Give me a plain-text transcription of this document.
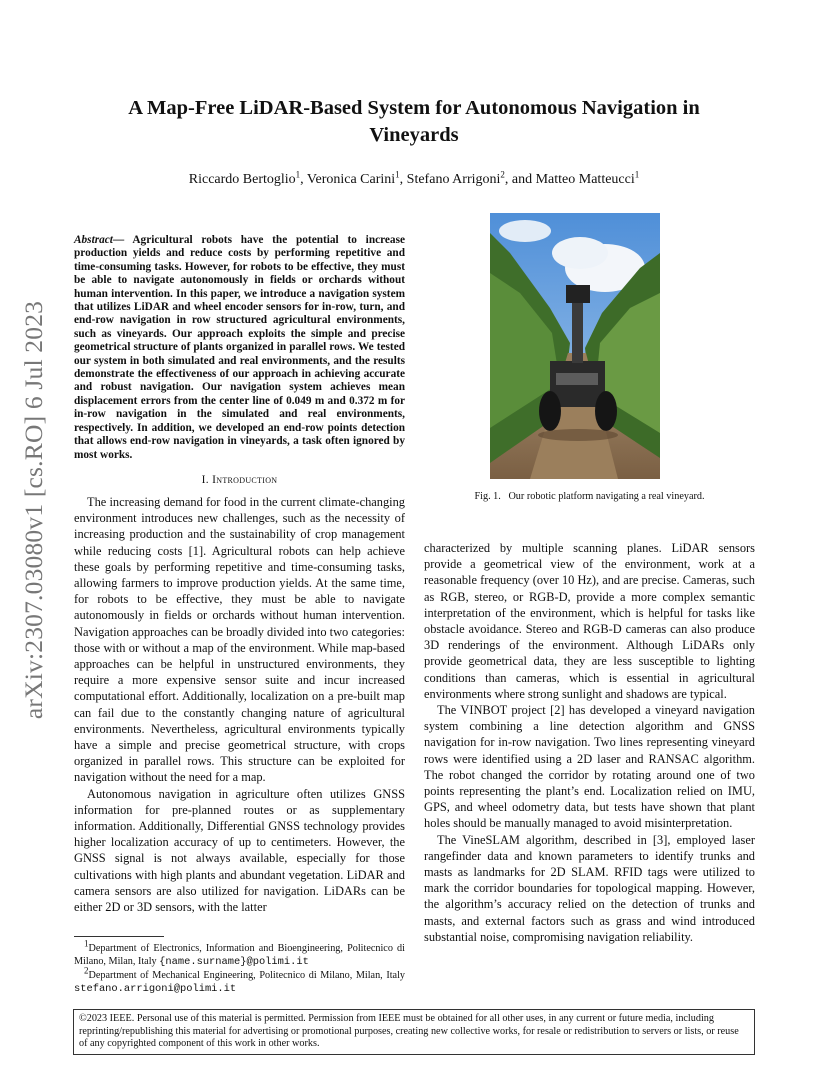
arXiv:2307.03080v1 [cs.RO] 6 Jul 2023
A Map-Free LiDAR-Based System for Autonomous Navigation in Vineyards
Riccardo Bertoglio$^1$, Veronica Carini$^1$, Stefano Arrigoni$^2$, and Matteo Matteucci$^1$
Abstract— Agricultural robots have the potential to increase production yields and reduce costs by performing repetitive and time-consuming tasks. However, for robots to be effective, they must be able to navigate autonomously in fields or orchards without human intervention. In this paper, we introduce a navigation system that utilizes LiDAR and wheel encoder sensors for in-row, turn, and end-row navigation in row structured agricultural environments, such as vineyards. Our approach exploits the simple and precise geometrical structure of plants organized in parallel rows. We tested our system in both simulated and real environments, and the results demonstrate the effectiveness of our approach in achieving accurate and robust navigation. Our navigation system achieves mean displacement errors from the center line of 0.049 m and 0.372 m for in-row navigation in the simulated and real environments, respectively. In addition, we developed an end-row points detection that allows end-row navigation in vineyards, a task often ignored by most works.
I. Introduction

The increasing demand for food in the current climate-changing environment introduces new challenges, such as the necessity of increasing production and the sustainability of crop management while reducing costs [1]. Agricultural robots can help achieve these goals by performing repetitive and time-consuming tasks, allowing farmers to improve production yields. At the same time, for robots to be effective, they must be able to navigate autonomously in fields or orchards without human intervention. Navigation approaches can be broadly divided into two categories: those with or without a map of the environment. While map-based approaches can be helpful in unstructured environments, they require a more expensive sensor suite and incur increased computational effort. Additionally, localization on a pre-built map can fail due to the constantly changing nature of agricultural environments. Nevertheless, agricultural environments typically have a simple and precise geometrical structure, with crops organized in parallel rows. This structure can be exploited for navigation without the need for a map.

Autonomous navigation in agriculture often utilizes GNSS information for pre-planned routes or as supplementary information. Additionally, Differential GNSS technology provides higher localization accuracy of up to centimeters. However, the GNSS signal is not always available, especially for those cultivations with high plants and abundant vegetation. LiDAR and camera sensors are also utilized for navigation. LiDARs can be either 2D or 3D sensors, with the latter

$^1$Department of Electronics, Information and Bioengineering, Politecnico di Milano, Milan, Italy {name.surname}@polimi.it

$^2$Department of Mechanical Engineering, Politecnico di Milano, Milan, Italy stefano.arrigoni@polimi.it

Fig. 1. Our robotic platform navigating a real vineyard.

characterized by multiple scanning planes. LiDAR sensors provide a geometrical view of the environment, work at a reasonable frequency (over 10 Hz), and are precise. Cameras, such as RGB, stereo, or RGB-D, provide a more complex semantic interpretation of the environment, which is helpful for tasks like obstacle avoidance. Stereo and RGB-D cameras can also produce 3D renderings of the environment. Although LiDARs only provide geometrical data, they are less susceptible to lighting conditions than cameras, which is essential in agricultural environments where strong sunlight and shadows are typical.

The VINBOT project [2] has developed a vineyard navigation system combining a line detection algorithm and GNSS navigation for in-row navigation. Two lines representing vineyard rows were identified using a 2D laser and RANSAC algorithm. The robot changed the corridor by rotating around one of two points representing the plant’s end. Localization relied on IMU, GPS, and wheel odometry data, but tests have shown that plant holes should be manually managed to avoid misinterpretation.

The VineSLAM algorithm, described in [3], employed laser rangefinder data and known parameters to identify trunks and masts as landmarks for 2D SLAM. RFID tags were utilized to mark the corridor boundaries for topological mapping. However, the algorithm’s accuracy relied on the detection of trunks and masts, and external factors such as grass and wind introduced substantial noise, compromising navigation reliability.

©2023 IEEE. Personal use of this material is permitted. Permission from IEEE must be obtained for all other uses, in any current or future media, including reprinting/republishing this material for advertising or promotional purposes, creating new collective works, for resale or redistribution to servers or lists, or reuse of any copyrighted component of this work in other works.
